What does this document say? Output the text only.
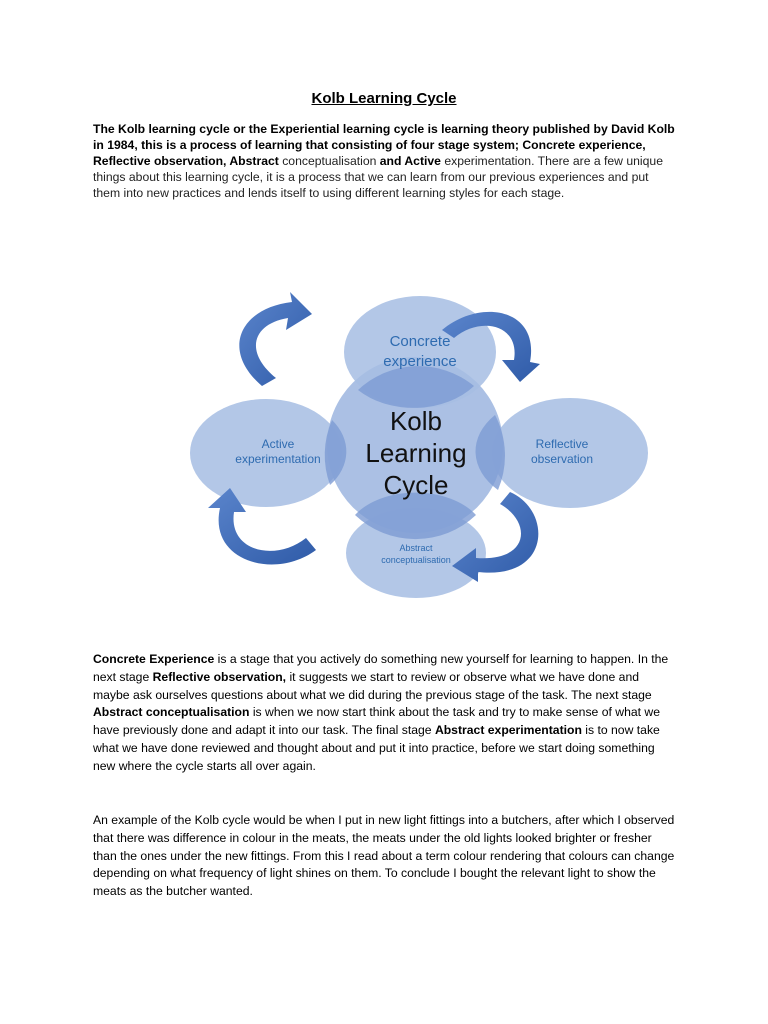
Kolb Learning Cycle
The Kolb learning cycle or the Experiential learning cycle is learning theory published by David Kolb in 1984, this is a process of learning that consisting of four stage system; Concrete experience, Reflective observation, Abstract conceptualisation and Active experimentation. There are a few unique things about this learning cycle, it is a process that we can learn from our previous experiences and put them into new practices and lends itself to using different learning styles for each stage.
Kolb
Learning
Cycle
Concrete
experience
Reflective
observation
Active
experimentation
Abstract
conceptualisation
Concrete Experience is a stage that you actively do something new yourself for learning to happen. In the next stage Reflective observation, it suggests we start to review or observe what we have done and maybe ask ourselves questions about what we did during the previous stage of the task. The next stage Abstract conceptualisation is when we now start think about the task and try to make sense of what we have previously done and adapt it into our task. The final stage Abstract experimentation is to now take what we have done reviewed and thought about and put it into practice, before we start doing something new where the cycle starts all over again.
An example of the Kolb cycle would be when I put in new light fittings into a butchers, after which I observed that there was difference in colour in the meats, the meats under the old lights looked brighter or fresher than the ones under the new fittings. From this I read about a term colour rendering that colours can change depending on what frequency of light shines on them. To conclude I bought the relevant light to show the meats as the butcher wanted.
